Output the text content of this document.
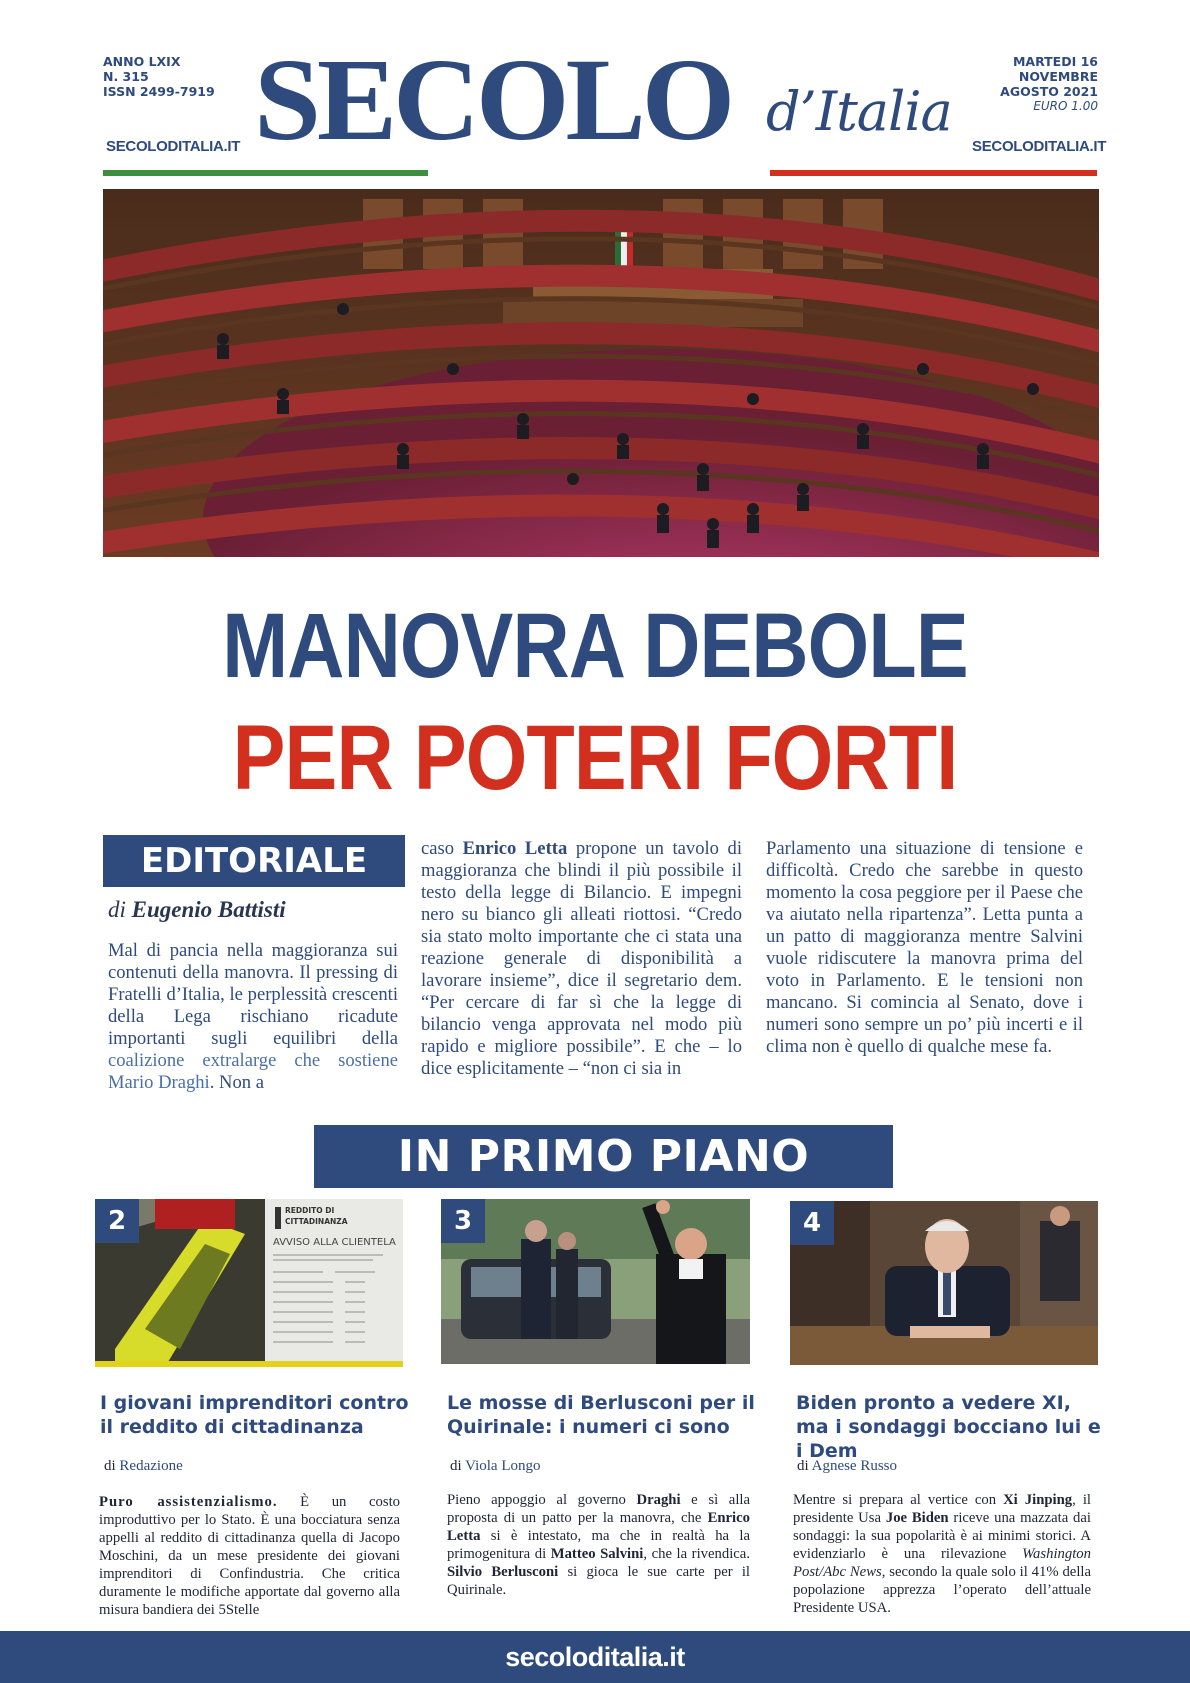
ANNO LXIX
N. 315
ISSN 2499-7919
SECOLODITALIA.IT SECOLO d’Italia
MARTEDI 16
NOVEMBRE
AGOSTO 2021
EURO 1.00
SECOLODITALIA.IT
MANOVRA DEBOLE
PER POTERI FORTI
EDITORIALE
di Eugenio Battisti
Mal di pancia nella maggioranza sui contenuti della manovra. Il pressing di Fratelli d’Italia, le perplessità crescenti della Lega rischiano ricadute importanti sugli equilibri della coalizione extralarge che sostiene Mario Draghi. Non a
caso Enrico Letta propone un tavolo di maggioranza che blindi il più possibile il testo della legge di Bilancio. E impegni nero su bianco gli alleati riottosi. “Credo sia stato molto importante che ci stata una reazione generale di disponibilità a lavorare insieme”, dice il segretario dem. “Per cercare di far sì che la legge di bilancio venga approvata nel modo più rapido e migliore possibile”. E che – lo dice esplicitamente – “non ci sia in
Parlamento una situazione di tensione e difficoltà. Credo che sarebbe in questo momento la cosa peggiore per il Paese che va aiutato nella ripartenza”. Letta punta a un patto di maggioranza mentre Salvini vuole ridiscutere la manovra prima del voto in Parlamento. E le tensioni non mancano. Si comincia al Senato, dove i numeri sono sempre un po’ più incerti e il clima non è quello di qualche mese fa.
IN PRIMO PIANO
REDDITO DI
CITTADINANZA
AVVISO ALLA CLIENTELA
2	3	4
I giovani imprenditori contro il reddito di cittadinanza
Le mosse di Berlusconi per il Quirinale: i numeri ci sono
Biden pronto a vedere XI, ma i sondaggi bocciano lui e i Dem
di Redazione	di Viola Longo	di Agnese Russo
Puro assistenzialismo. È un costo improduttivo per lo Stato. È una bocciatura senza appelli al reddito di cittadinanza quella di Jacopo Moschini, da un mese presidente dei giovani imprenditori di Confindustria. Che critica duramente le modifiche apportate dal governo alla misura bandiera dei 5Stelle
Pieno appoggio al governo Draghi e sì alla proposta di un patto per la manovra, che Enrico Letta si è intestato, ma che in realtà ha la primogenitura di Matteo Salvini, che la rivendica. Silvio Berlusconi si gioca le sue carte per il Quirinale.
Mentre si prepara al vertice con Xi Jinping, il presidente Usa Joe Biden riceve una mazzata dai sondaggi: la sua popolarità è ai minimi storici. A evidenziarlo è una rilevazione Washington Post/Abc News, secondo la quale solo il 41% della popolazione apprezza l’operato dell’attuale Presidente USA.
secoloditalia.it
